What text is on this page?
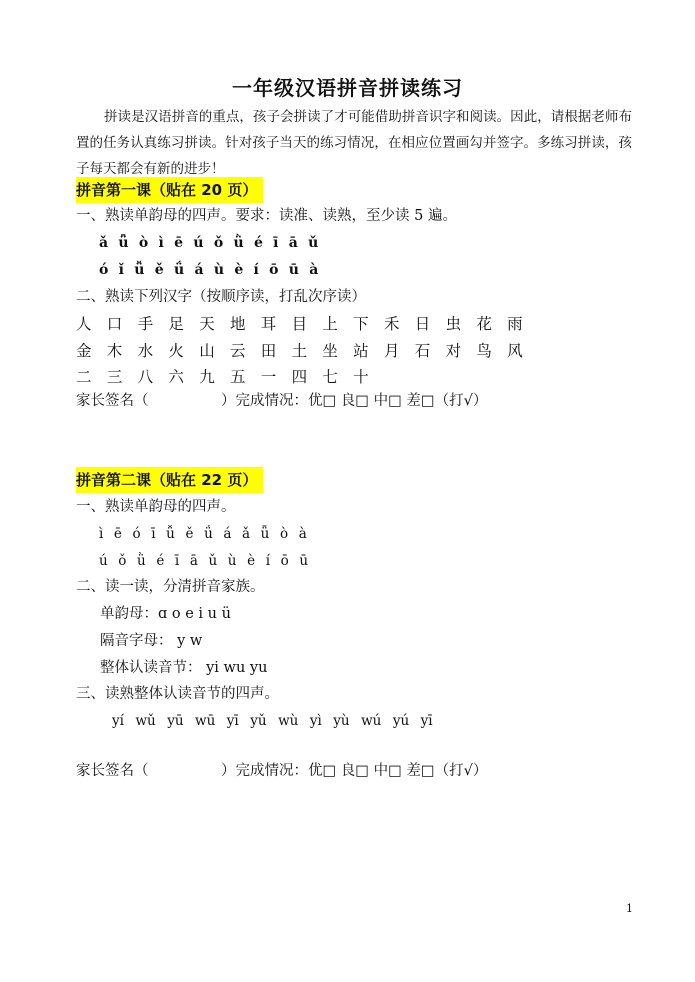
一年级汉语拼音拼读练习
拼读是汉语拼音的重点，孩子会拼读了才可能借助拼音识字和阅读。因此，请根据老师布置的任务认真练习拼读。针对孩子当天的练习情况，在相应位置画勾并签字。多练习拼读，孩子每天都会有新的进步！
拼音第一课（贴在 20 页）
一、熟读单韵母的四声。要求：读准、读熟，至少读 5 遍。
ǎ ǖ ò ì ē ú ǒ ǜ é ī ā ǔ
ó ǐ ǚ ě ǘ á ù è í ō ū à
二、熟读下列汉字（按顺序读，打乱次序读）
人 口 手 足 天 地 耳 目 上 下 禾 日 虫 花 雨
金 木 水 火 山 云 田 土 坐 站 月 石 对 鸟 风
二 三 八 六 九 五 一 四 七 十
家长签名（　　　　　）完成情况：优□ 良□ 中□ 差□（打√）
拼音第二课（贴在 22 页）
一、熟读单韵母的四声。
ì ē ó ī ǚ ě ǘ á ǎ ǖ ò à
ú ǒ ǜ é ī ā ǔ ù è í ō ū
二、读一读，分清拼音家族。
单韵母：ɑ o e i u ü
隔音字母： y w
整体认读音节： yi wu yu
三、读熟整体认读音节的四声。
yí wǔ yū wū yī yǔ wù yì yù wú yú yī
家长签名（　　　　　）完成情况：优□ 良□ 中□ 差□（打√）
1
